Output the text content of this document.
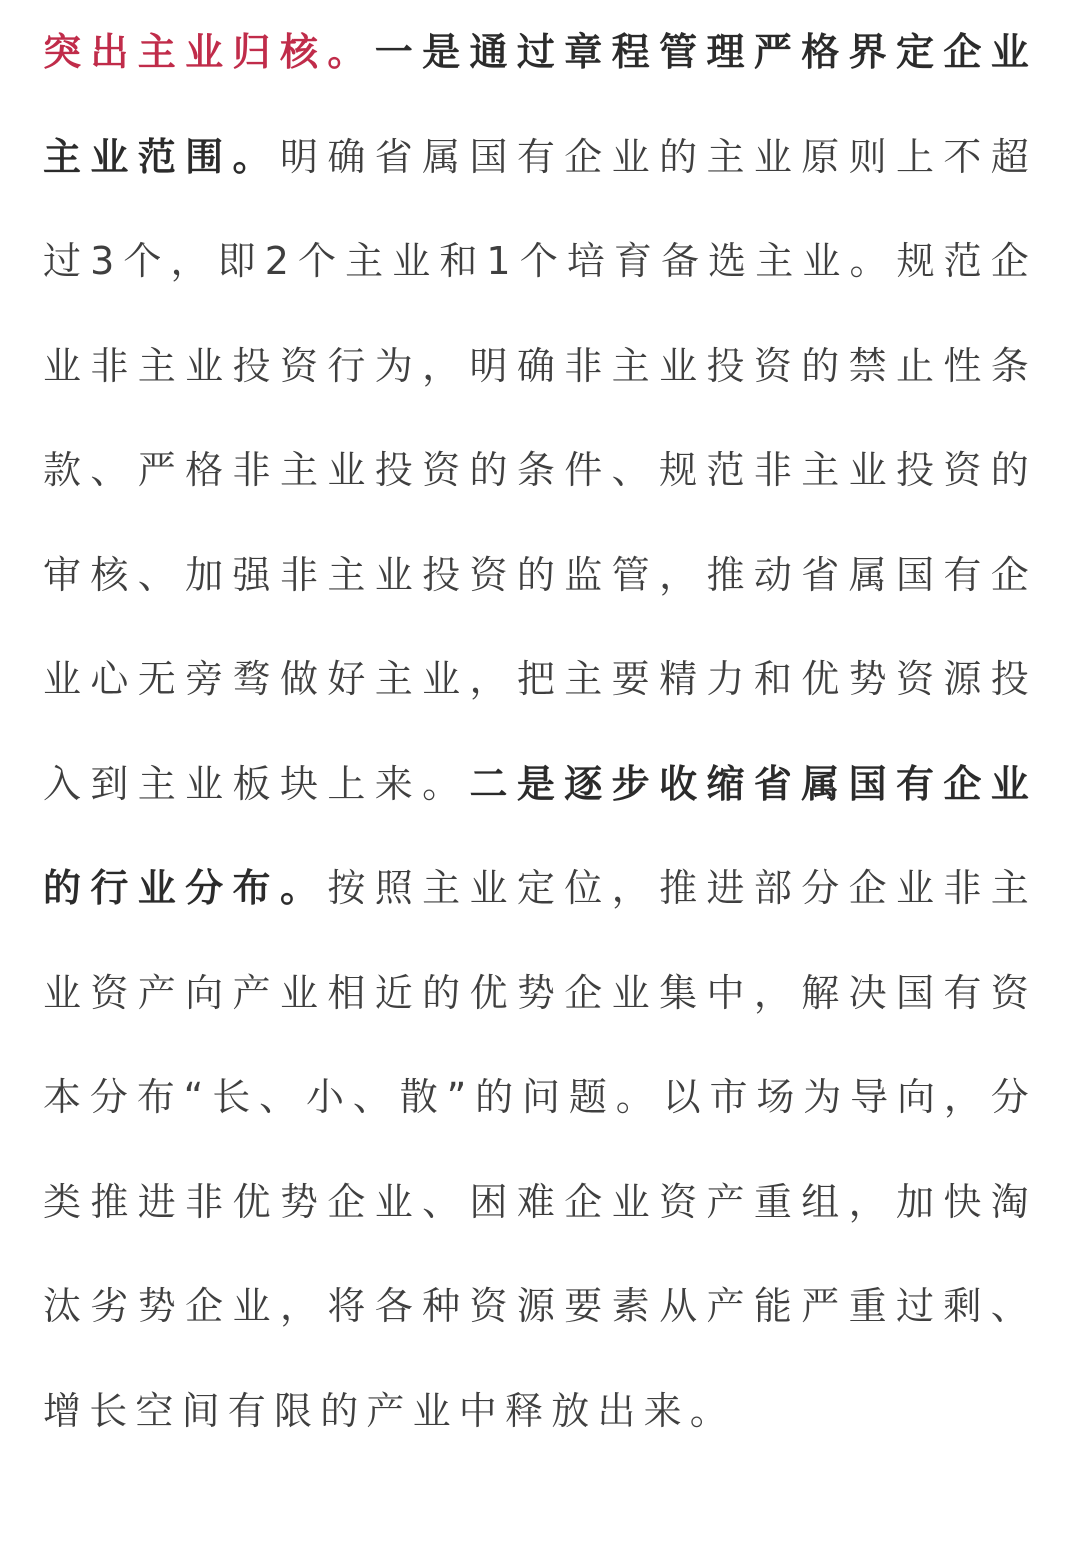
突出主业归核。一是通过章程管理严格界定企业主业范围。明确省属国有企业的主业原则上不超过3个，即2个主业和1个培育备选主业。规范企业非主业投资行为，明确非主业投资的禁止性条款、严格非主业投资的条件、规范非主业投资的审核、加强非主业投资的监管，推动省属国有企业心无旁骛做好主业，把主要精力和优势资源投入到主业板块上来。二是逐步收缩省属国有企业的行业分布。按照主业定位，推进部分企业非主业资产向产业相近的优势企业集中，解决国有资本分布“长、小、散”的问题。以市场为导向，分类推进非优势企业、困难企业资产重组，加快淘汰劣势企业，将各种资源要素从产能严重过剩、增长空间有限的产业中释放出来。
